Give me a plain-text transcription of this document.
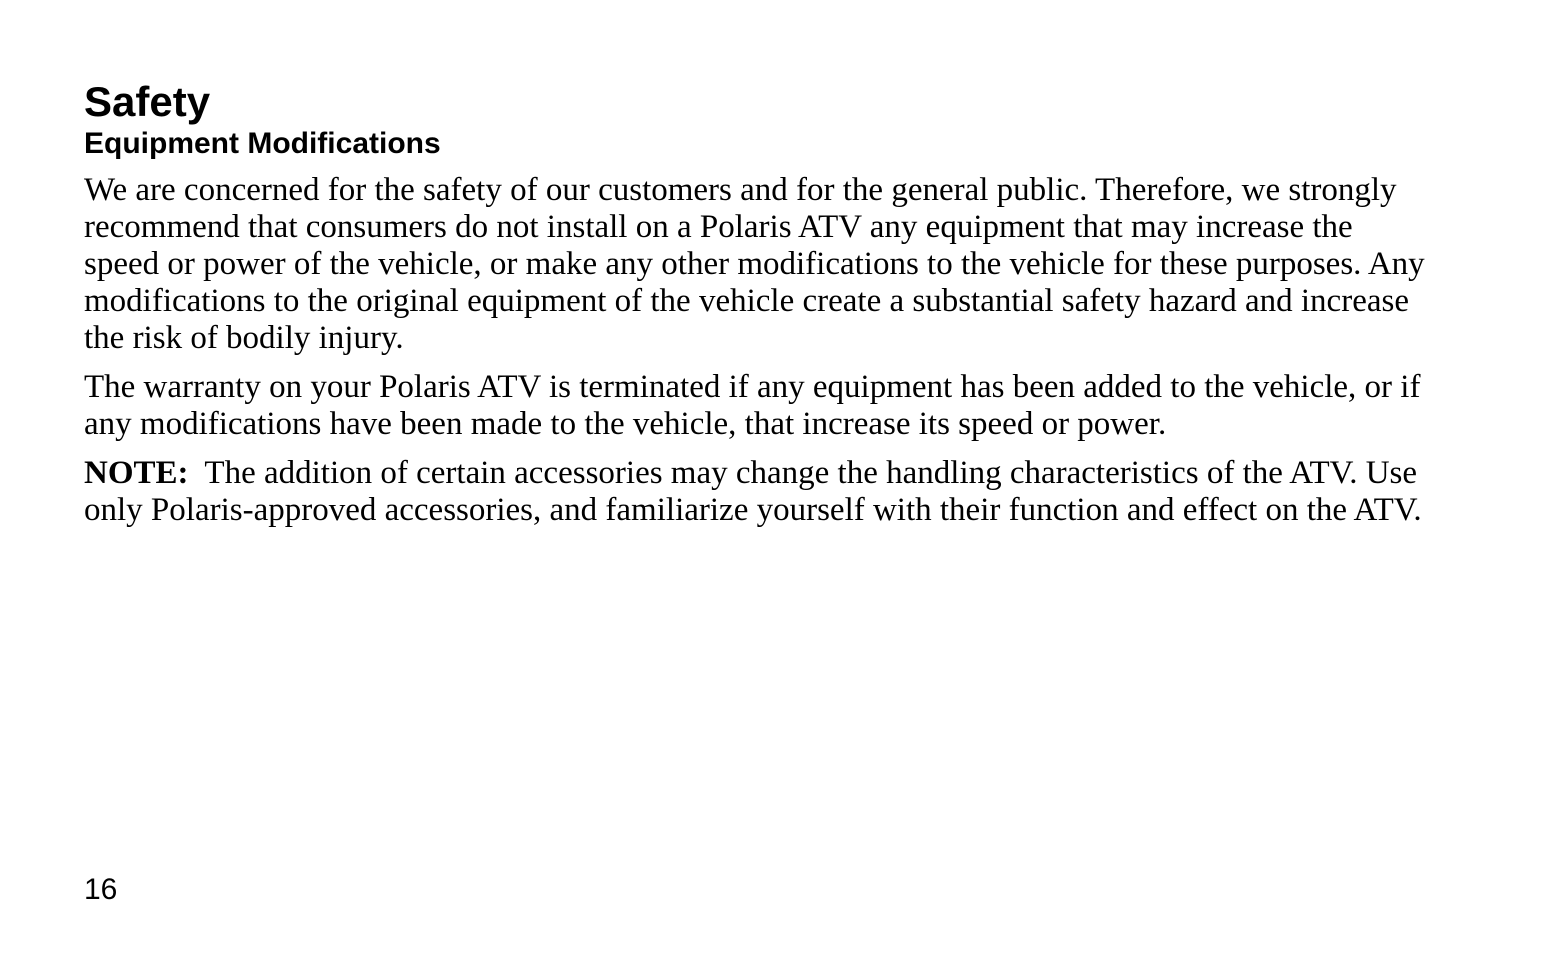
Safety
Equipment Modifications

We are concerned for the safety of our customers and for the general public. Therefore, we strongly recommend that consumers do not install on a Polaris ATV any equipment that may increase the speed or power of the vehicle, or make any other modifications to the vehicle for these purposes. Any modifications to the original equipment of the vehicle create a substantial safety hazard and increase the risk of bodily injury.

The warranty on your Polaris ATV is terminated if any equipment has been added to the vehicle, or if any modifications have been made to the vehicle, that increase its speed or power.

NOTE:  The addition of certain accessories may change the handling characteristics of the ATV. Use only Polaris-approved accessories, and familiarize yourself with their function and effect on the ATV.

16
